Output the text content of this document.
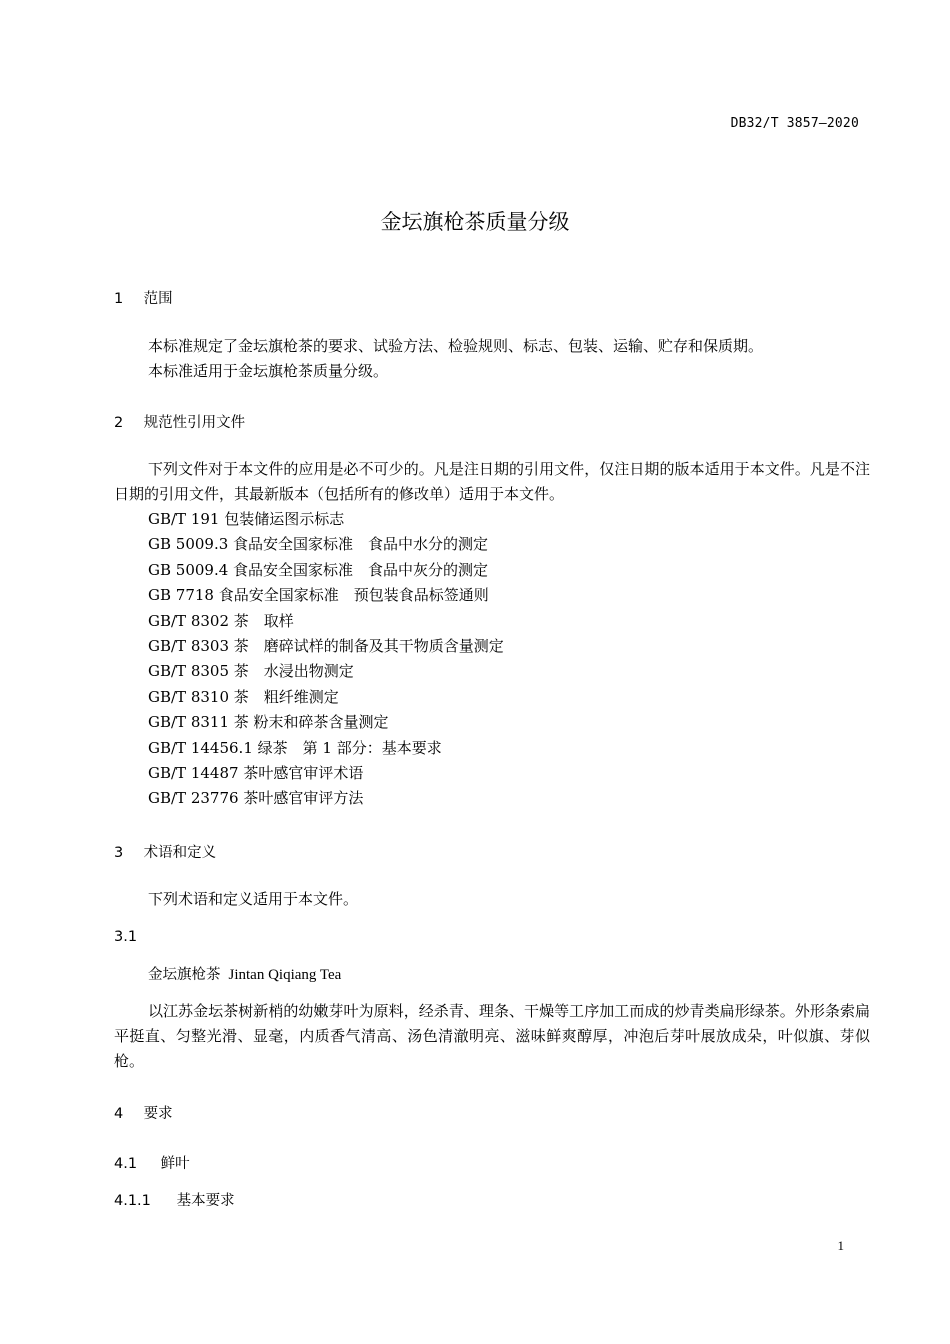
DB32/T 3857—2020
金坛旗枪茶质量分级
1 范围
本标准规定了金坛旗枪茶的要求、试验方法、检验规则、标志、包装、运输、贮存和保质期。
本标准适用于金坛旗枪茶质量分级。
2 规范性引用文件
下列文件对于本文件的应用是必不可少的。凡是注日期的引用文件，仅注日期的版本适用于本文件。凡是不注日期的引用文件，其最新版本（包括所有的修改单）适用于本文件。
GB/T 191 包装储运图示标志
GB 5009.3 食品安全国家标准　食品中水分的测定
GB 5009.4 食品安全国家标准　食品中灰分的测定
GB 7718 食品安全国家标准　预包装食品标签通则
GB/T 8302 茶　取样
GB/T 8303 茶　磨碎试样的制备及其干物质含量测定
GB/T 8305 茶　水浸出物测定
GB/T 8310 茶　粗纤维测定
GB/T 8311 茶 粉末和碎茶含量测定
GB/T 14456.1 绿茶　第 1 部分：基本要求
GB/T 14487 茶叶感官审评术语
GB/T 23776 茶叶感官审评方法
3 术语和定义
下列术语和定义适用于本文件。
3.1
金坛旗枪茶 Jintan Qiqiang Tea
以江苏金坛茶树新梢的幼嫩芽叶为原料，经杀青、理条、干燥等工序加工而成的炒青类扁形绿茶。外形条索扁平挺直、匀整光滑、显毫，内质香气清高、汤色清澈明亮、滋味鲜爽醇厚，冲泡后芽叶展放成朵，叶似旗、芽似枪。
4 要求
4.1 鲜叶
4.1.1 基本要求
1
